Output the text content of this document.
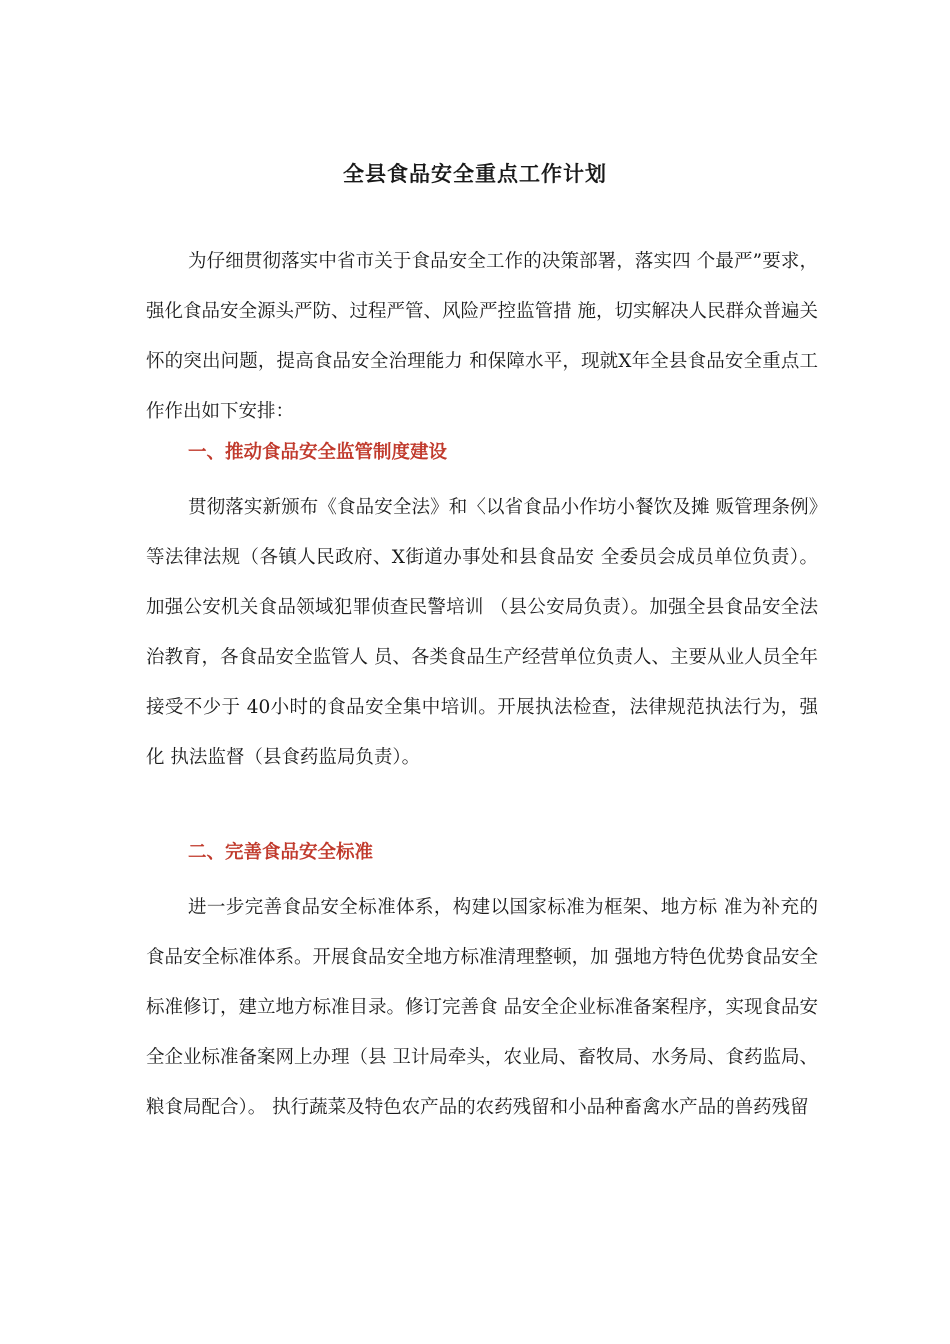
全县食品安全重点工作计划

为仔细贯彻落实中省市关于食品安全工作的决策部署，落实四 个最严”要求，强化食品安全源头严防、过程严管、风险严控监管措 施，切实解决人民群众普遍关怀的突出问题，提高食品安全治理能力 和保障水平，现就X年全县食品安全重点工作作出如下安排：

一、推动食品安全监管制度建设

贯彻落实新颁布《食品安全法》和〈以省食品小作坊小餐饮及摊 贩管理条例》等法律法规（各镇人民政府、X街道办事处和县食品安 全委员会成员单位负责）。加强公安机关食品领域犯罪侦查民警培训 （县公安局负责）。加强全县食品安全法治教育，各食品安全监管人 员、各类食品生产经营单位负责人、主要从业人员全年接受不少于 40小时的食品安全集中培训。开展执法检查，法律规范执法行为，强化 执法监督（县食药监局负责）。

二、完善食品安全标准

进一步完善食品安全标准体系，构建以国家标准为框架、地方标 准为补充的食品安全标准体系。开展食品安全地方标准清理整顿，加 强地方特色优势食品安全标准修订，建立地方标准目录。修订完善食 品安全企业标准备案程序，实现食品安全企业标准备案网上办理（县 卫计局牵头，农业局、畜牧局、水务局、食药监局、粮食局配合）。 执行蔬菜及特色农产品的农药残留和小品种畜禽水产品的兽药残留
